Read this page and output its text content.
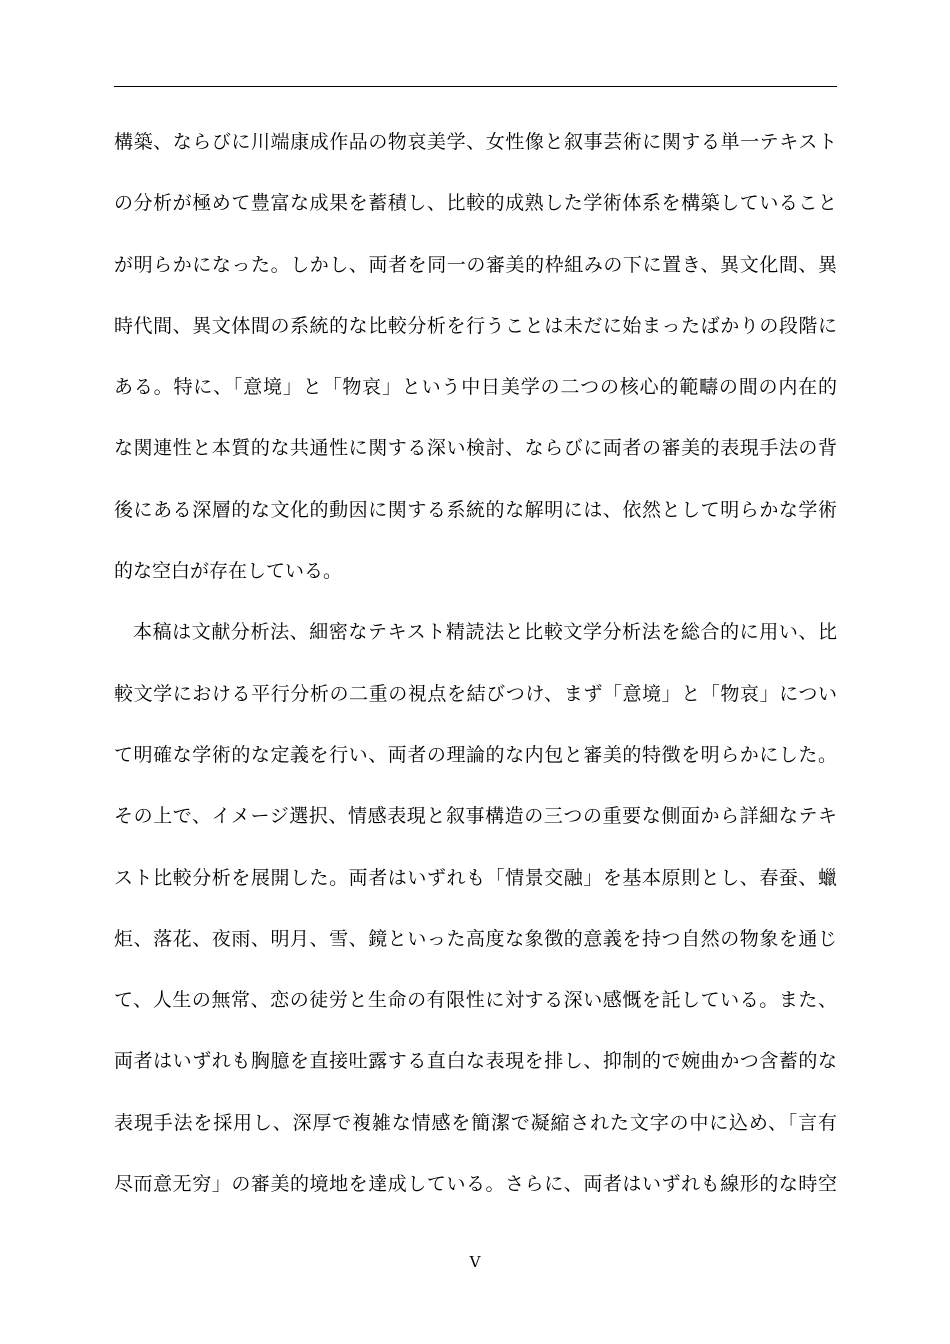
構築、ならびに川端康成作品の物哀美学、女性像と叙事芸術に関する単一テキスト
の分析が極めて豊富な成果を蓄積し、比較的成熟した学術体系を構築していること
が明らかになった。しかし、両者を同一の審美的枠組みの下に置き、異文化間、異
時代間、異文体間の系統的な比較分析を行うことは未だに始まったばかりの段階に
ある。特に、「意境」と「物哀」という中日美学の二つの核心的範疇の間の内在的
な関連性と本質的な共通性に関する深い検討、ならびに両者の審美的表現手法の背
後にある深層的な文化的動因に関する系統的な解明には、依然として明らかな学術
的な空白が存在している。
本稿は文献分析法、細密なテキスト精読法と比較文学分析法を総合的に用い、比
較文学における平行分析の二重の視点を結びつけ、まず「意境」と「物哀」につい
て明確な学術的な定義を行い、両者の理論的な内包と審美的特徴を明らかにした。
その上で、イメージ選択、情感表現と叙事構造の三つの重要な側面から詳細なテキ
スト比較分析を展開した。両者はいずれも「情景交融」を基本原則とし、春蚕、蠟
炬、落花、夜雨、明月、雪、鏡といった高度な象徴的意義を持つ自然の物象を通じ
て、人生の無常、恋の徒労と生命の有限性に対する深い感慨を託している。また、
両者はいずれも胸臆を直接吐露する直白な表現を排し、抑制的で婉曲かつ含蓄的な
表現手法を採用し、深厚で複雑な情感を簡潔で凝縮された文字の中に込め、「言有
尽而意无穷」の審美的境地を達成している。さらに、両者はいずれも線形的な時空
V
